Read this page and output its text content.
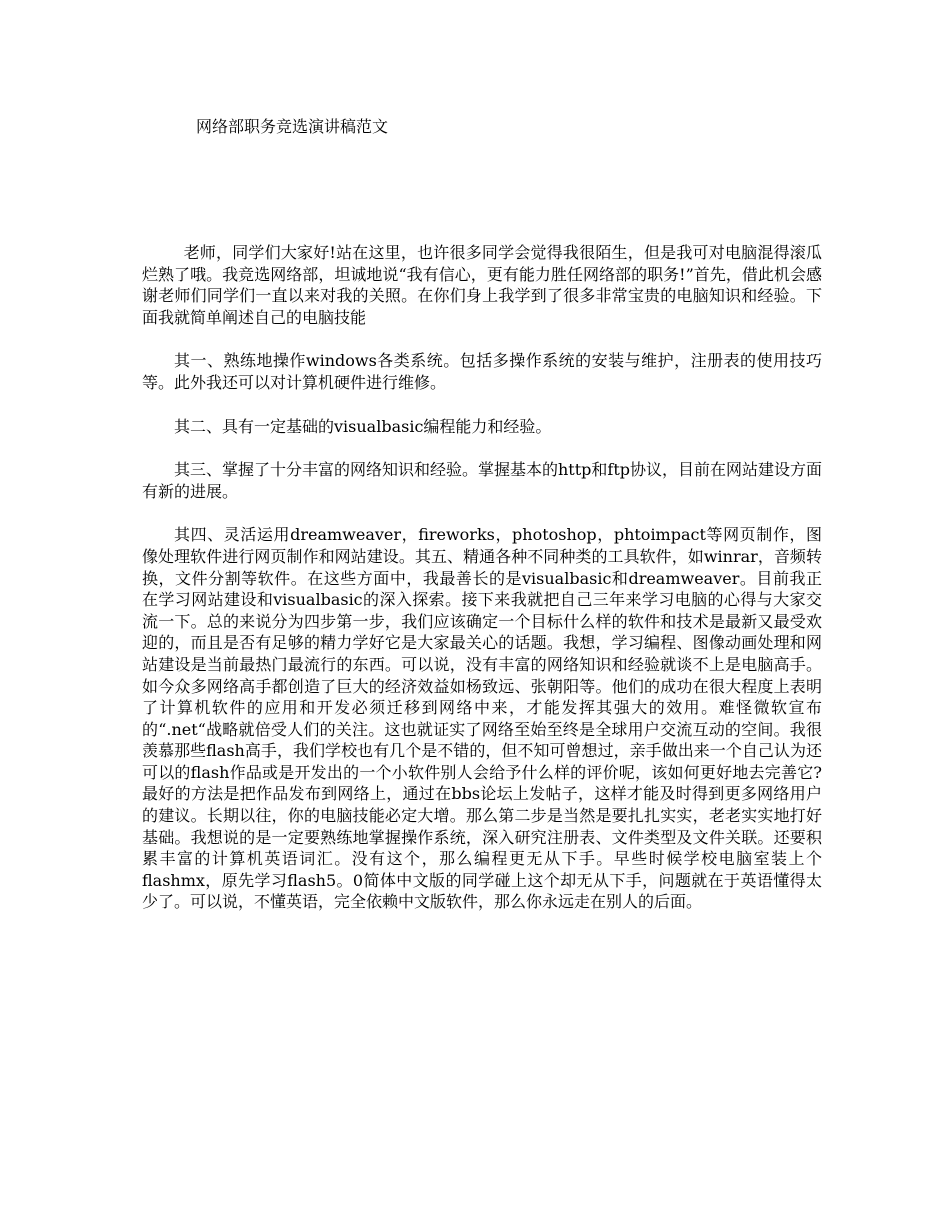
网络部职务竞选演讲稿范文

老师，同学们大家好!站在这里，也许很多同学会觉得我很陌生，但是我可对电脑混得滚瓜烂熟了哦。我竞选网络部，坦诚地说“我有信心，更有能力胜任网络部的职务!”首先，借此机会感谢老师们同学们一直以来对我的关照。在你们身上我学到了很多非常宝贵的电脑知识和经验。下面我就简单阐述自己的电脑技能

其一、熟练地操作windows各类系统。包括多操作系统的安装与维护，注册表的使用技巧等。此外我还可以对计算机硬件进行维修。

其二、具有一定基础的visualbasic编程能力和经验。

其三、掌握了十分丰富的网络知识和经验。掌握基本的http和ftp协议，目前在网站建设方面有新的进展。

其四、灵活运用dreamweaver，fireworks，photoshop，phtoimpact等网页制作，图像处理软件进行网页制作和网站建设。其五、精通各种不同种类的工具软件，如winrar，音频转换，文件分割等软件。在这些方面中，我最善长的是visualbasic和dreamweaver。目前我正在学习网站建设和visualbasic的深入探索。接下来我就把自己三年来学习电脑的心得与大家交流一下。总的来说分为四步第一步，我们应该确定一个目标什么样的软件和技术是最新又最受欢迎的，而且是否有足够的精力学好它是大家最关心的话题。我想，学习编程、图像动画处理和网站建设是当前最热门最流行的东西。可以说，没有丰富的网络知识和经验就谈不上是电脑高手。如今众多网络高手都创造了巨大的经济效益如杨致远、张朝阳等。他们的成功在很大程度上表明了计算机软件的应用和开发必须迁移到网络中来，才能发挥其强大的效用。难怪微软宣布的“.net“战略就倍受人们的关注。这也就证实了网络至始至终是全球用户交流互动的空间。我很羡慕那些flash高手，我们学校也有几个是不错的，但不知可曾想过，亲手做出来一个自己认为还可以的flash作品或是开发出的一个小软件别人会给予什么样的评价呢，该如何更好地去完善它?最好的方法是把作品发布到网络上，通过在bbs论坛上发帖子，这样才能及时得到更多网络用户的建议。长期以往，你的电脑技能必定大增。那么第二步是当然是要扎扎实实，老老实实地打好基础。我想说的是一定要熟练地掌握操作系统，深入研究注册表、文件类型及文件关联。还要积累丰富的计算机英语词汇。没有这个，那么编程更无从下手。早些时候学校电脑室装上个flashmx，原先学习flash5。0简体中文版的同学碰上这个却无从下手，问题就在于英语懂得太少了。可以说，不懂英语，完全依赖中文版软件，那么你永远走在别人的后面。
